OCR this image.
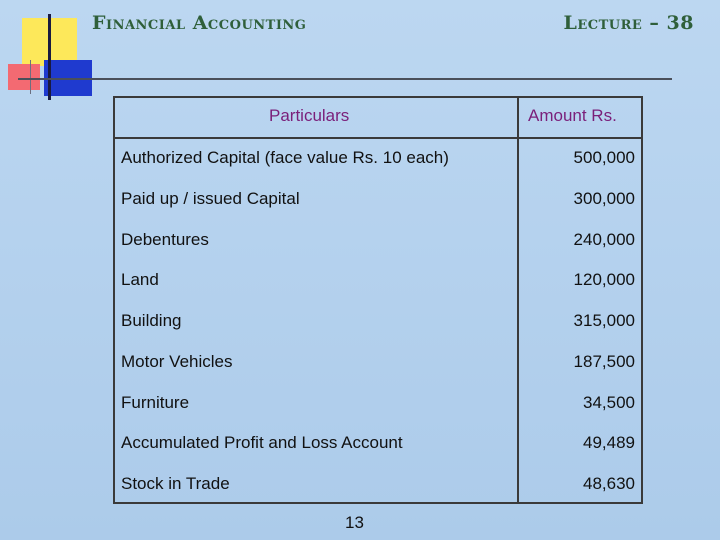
Financial Accounting	Lecture – 38
Particulars	Amount Rs.
Authorized Capital (face value Rs. 10 each)	500,000
Paid up / issued Capital	300,000
Debentures	240,000
Land	120,000
Building	315,000
Motor Vehicles	187,500
Furniture	34,500
Accumulated Profit and Loss Account	49,489
Stock in Trade	48,630
13
